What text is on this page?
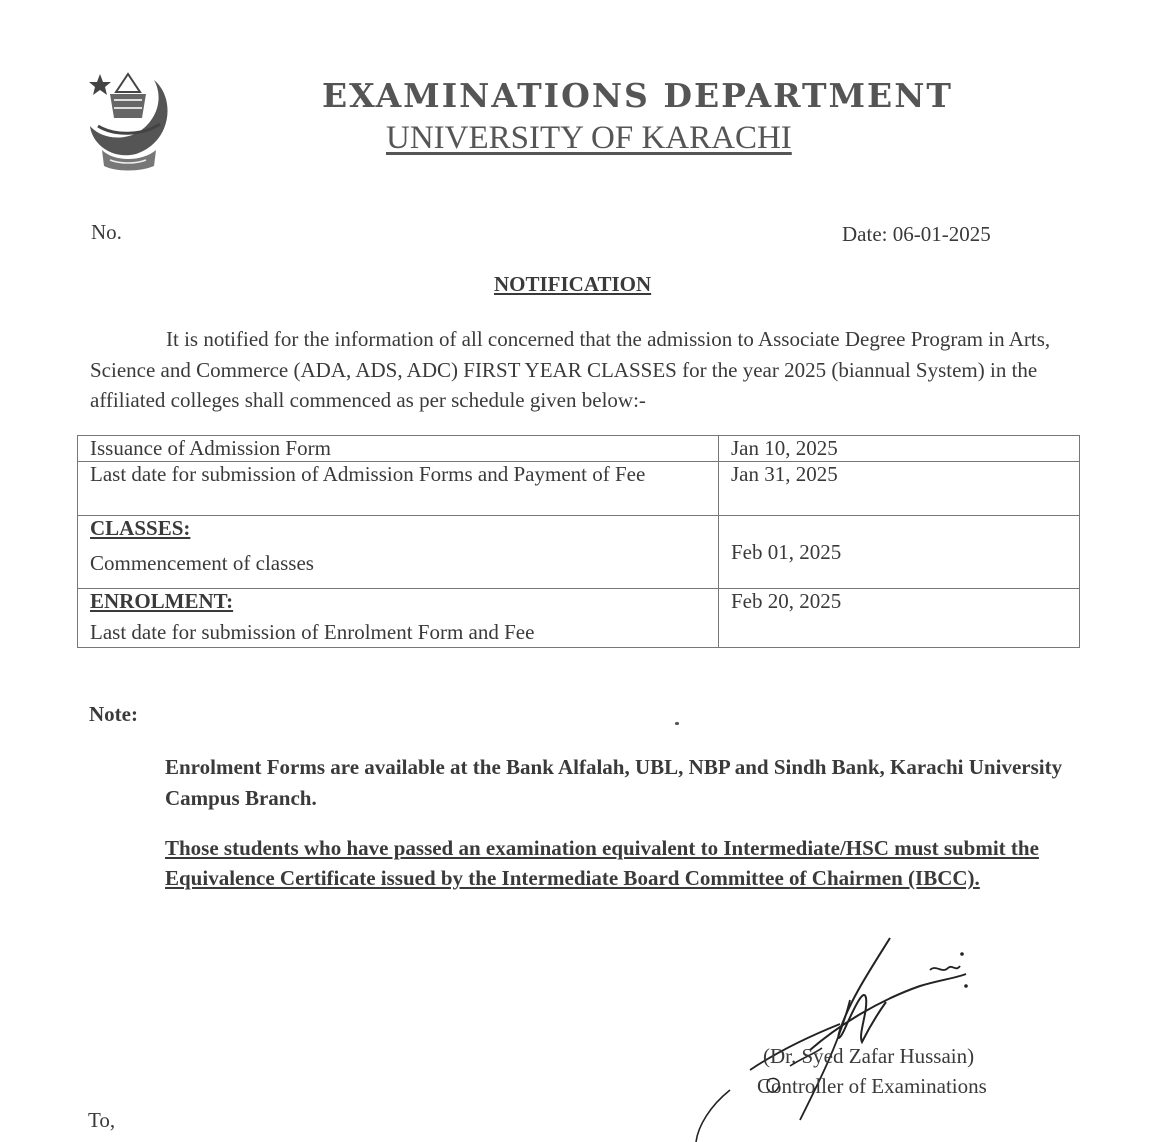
EXAMINATIONS DEPARTMENT
UNIVERSITY OF KARACHI
No.	Date: 06-01-2025
NOTIFICATION
It is notified for the information of all concerned that the admission to Associate Degree Program in Arts, Science and Commerce (ADA, ADS, ADC) FIRST YEAR CLASSES for the year 2025 (biannual System) in the affiliated colleges shall commenced as per schedule given below:-
Issuance of Admission Form	Jan 10, 2025
Last date for submission of Admission Forms and Payment of Fee	Jan 31, 2025

CLASSES:
Commencement of classes	Feb 01, 2025

ENROLMENT:
Last date for submission of Enrolment Form and Fee	Feb 20, 2025
Note:
Enrolment Forms are available at the Bank Alfalah, UBL, NBP and Sindh Bank, Karachi University Campus Branch.
Those students who have passed an examination equivalent to Intermediate/HSC must submit the Equivalence Certificate issued by the Intermediate Board Committee of Chairmen (IBCC).
(Dr. Syed Zafar Hussain)
Controller of Examinations
To,
